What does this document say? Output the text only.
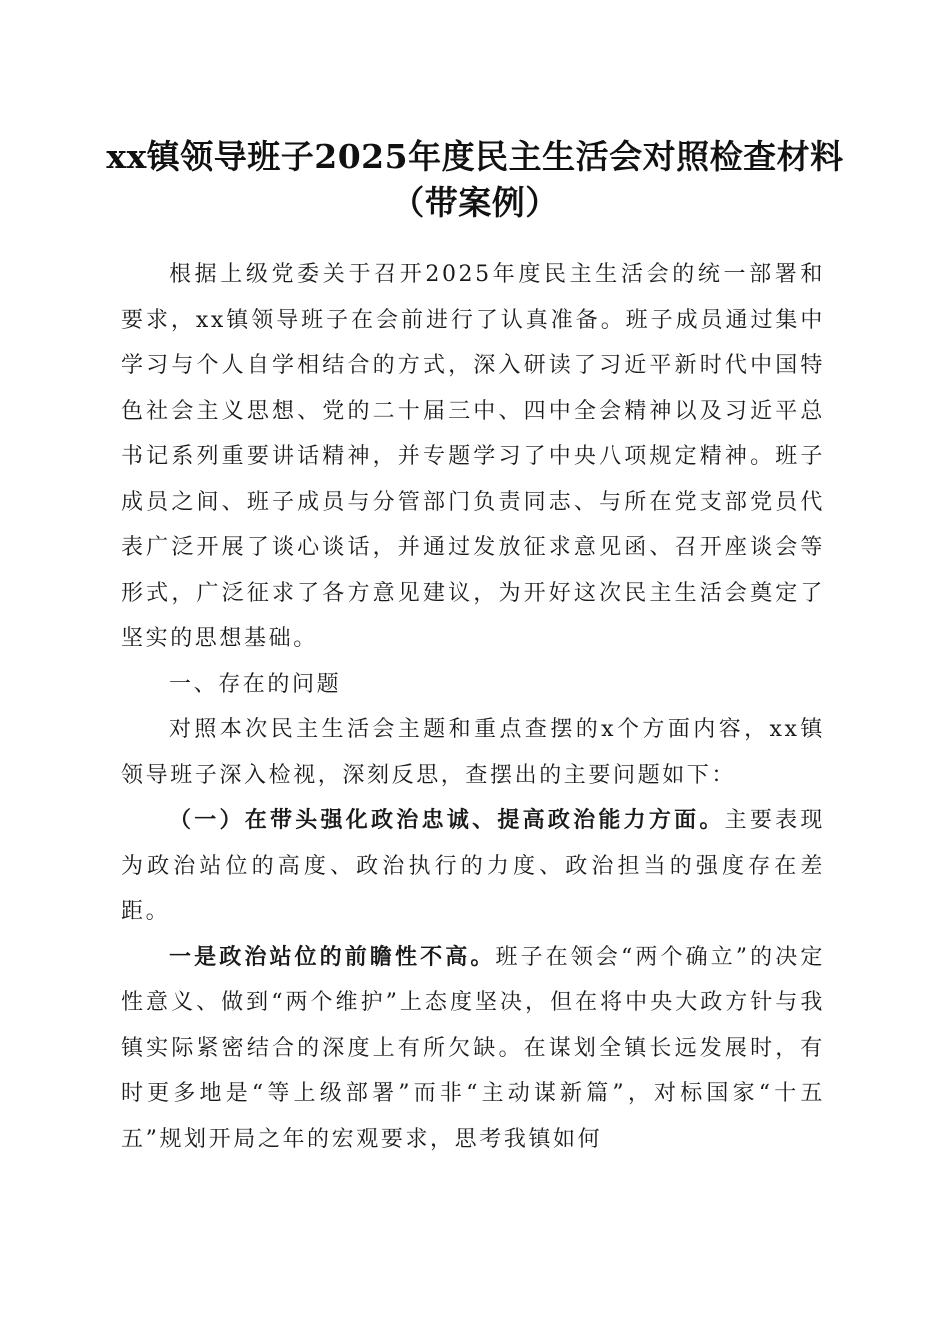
xx镇领导班子2025年度民主生活会对照检查材料（带案例）

根据上级党委关于召开2025年度民主生活会的统一部署和要求，xx镇领导班子在会前进行了认真准备。班子成员通过集中学习与个人自学相结合的方式，深入研读了习近平新时代中国特色社会主义思想、党的二十届三中、四中全会精神以及习近平总书记系列重要讲话精神，并专题学习了中央八项规定精神。班子成员之间、班子成员与分管部门负责同志、与所在党支部党员代表广泛开展了谈心谈话，并通过发放征求意见函、召开座谈会等形式，广泛征求了各方意见建议，为开好这次民主生活会奠定了坚实的思想基础。

一、存在的问题

对照本次民主生活会主题和重点查摆的x个方面内容，xx镇领导班子深入检视，深刻反思，查摆出的主要问题如下：

（一）在带头强化政治忠诚、提高政治能力方面。主要表现为政治站位的高度、政治执行的力度、政治担当的强度存在差距。

一是政治站位的前瞻性不高。班子在领会“两个确立”的决定性意义、做到“两个维护”上态度坚决，但在将中央大政方针与我镇实际紧密结合的深度上有所欠缺。在谋划全镇长远发展时，有时更多地是“等上级部署”而非“主动谋新篇”，对标国家“十五五”规划开局之年的宏观要求，思考我镇如何
